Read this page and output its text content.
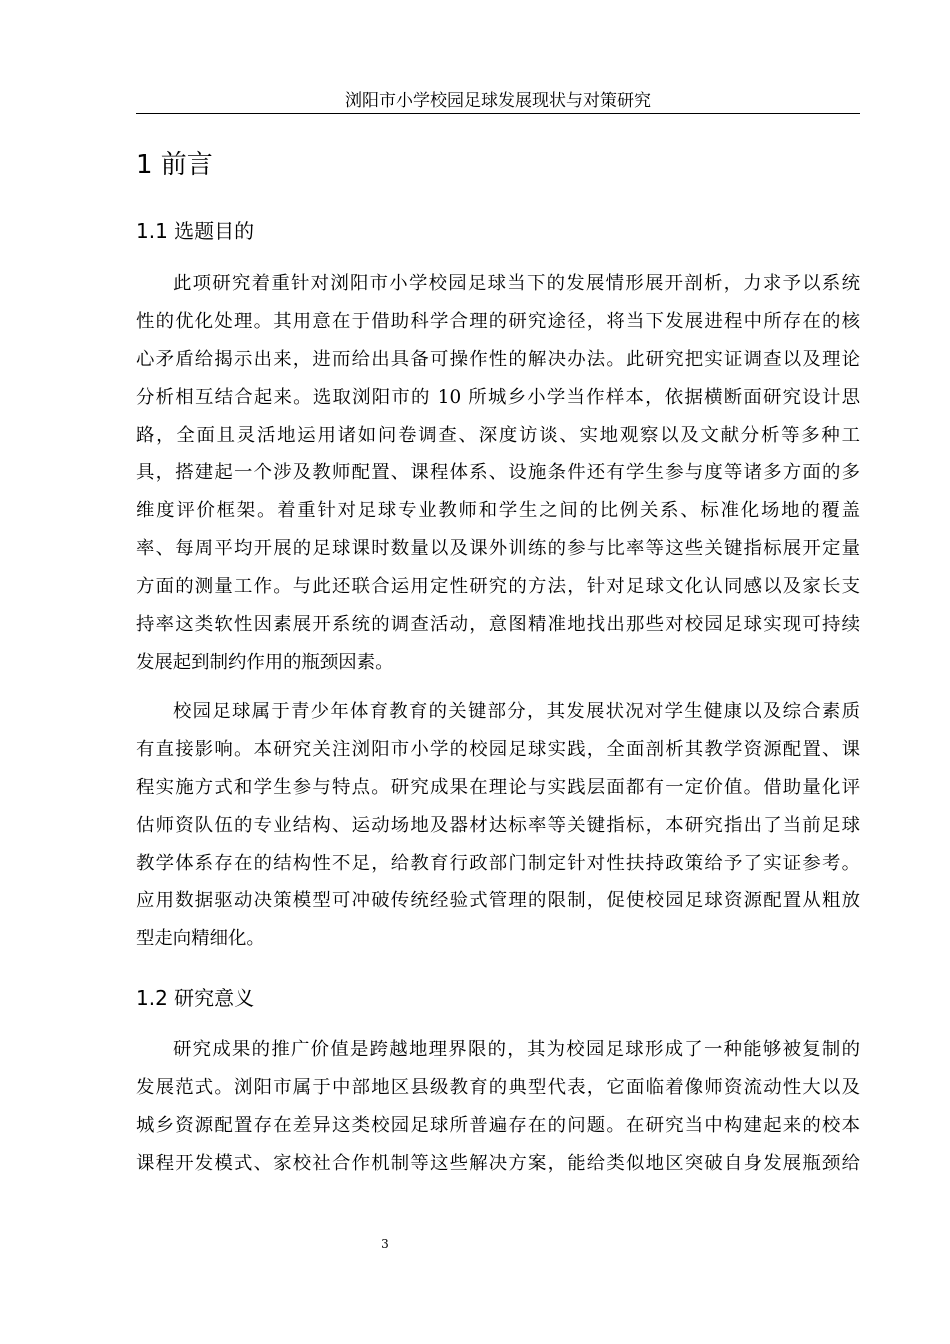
浏阳市小学校园足球发展现状与对策研究
1 前言
1.1 选题目的
此项研究着重针对浏阳市小学校园足球当下的发展情形展开剖析，力求予以系统
性的优化处理。其用意在于借助科学合理的研究途径，将当下发展进程中所存在的核
心矛盾给揭示出来，进而给出具备可操作性的解决办法。此研究把实证调查以及理论
分析相互结合起来。选取浏阳市的 10 所城乡小学当作样本，依据横断面研究设计思
路，全面且灵活地运用诸如问卷调查、深度访谈、实地观察以及文献分析等多种工
具，搭建起一个涉及教师配置、课程体系、设施条件还有学生参与度等诸多方面的多
维度评价框架。着重针对足球专业教师和学生之间的比例关系、标准化场地的覆盖
率、每周平均开展的足球课时数量以及课外训练的参与比率等这些关键指标展开定量
方面的测量工作。与此还联合运用定性研究的方法，针对足球文化认同感以及家长支
持率这类软性因素展开系统的调查活动，意图精准地找出那些对校园足球实现可持续
发展起到制约作用的瓶颈因素。
校园足球属于青少年体育教育的关键部分，其发展状况对学生健康以及综合素质
有直接影响。本研究关注浏阳市小学的校园足球实践，全面剖析其教学资源配置、课
程实施方式和学生参与特点。研究成果在理论与实践层面都有一定价值。借助量化评
估师资队伍的专业结构、运动场地及器材达标率等关键指标，本研究指出了当前足球
教学体系存在的结构性不足，给教育行政部门制定针对性扶持政策给予了实证参考。
应用数据驱动决策模型可冲破传统经验式管理的限制，促使校园足球资源配置从粗放
型走向精细化。
1.2 研究意义
研究成果的推广价值是跨越地理界限的，其为校园足球形成了一种能够被复制的
发展范式。浏阳市属于中部地区县级教育的典型代表，它面临着像师资流动性大以及
城乡资源配置存在差异这类校园足球所普遍存在的问题。在研究当中构建起来的校本
课程开发模式、家校社合作机制等这些解决方案，能给类似地区突破自身发展瓶颈给
3
